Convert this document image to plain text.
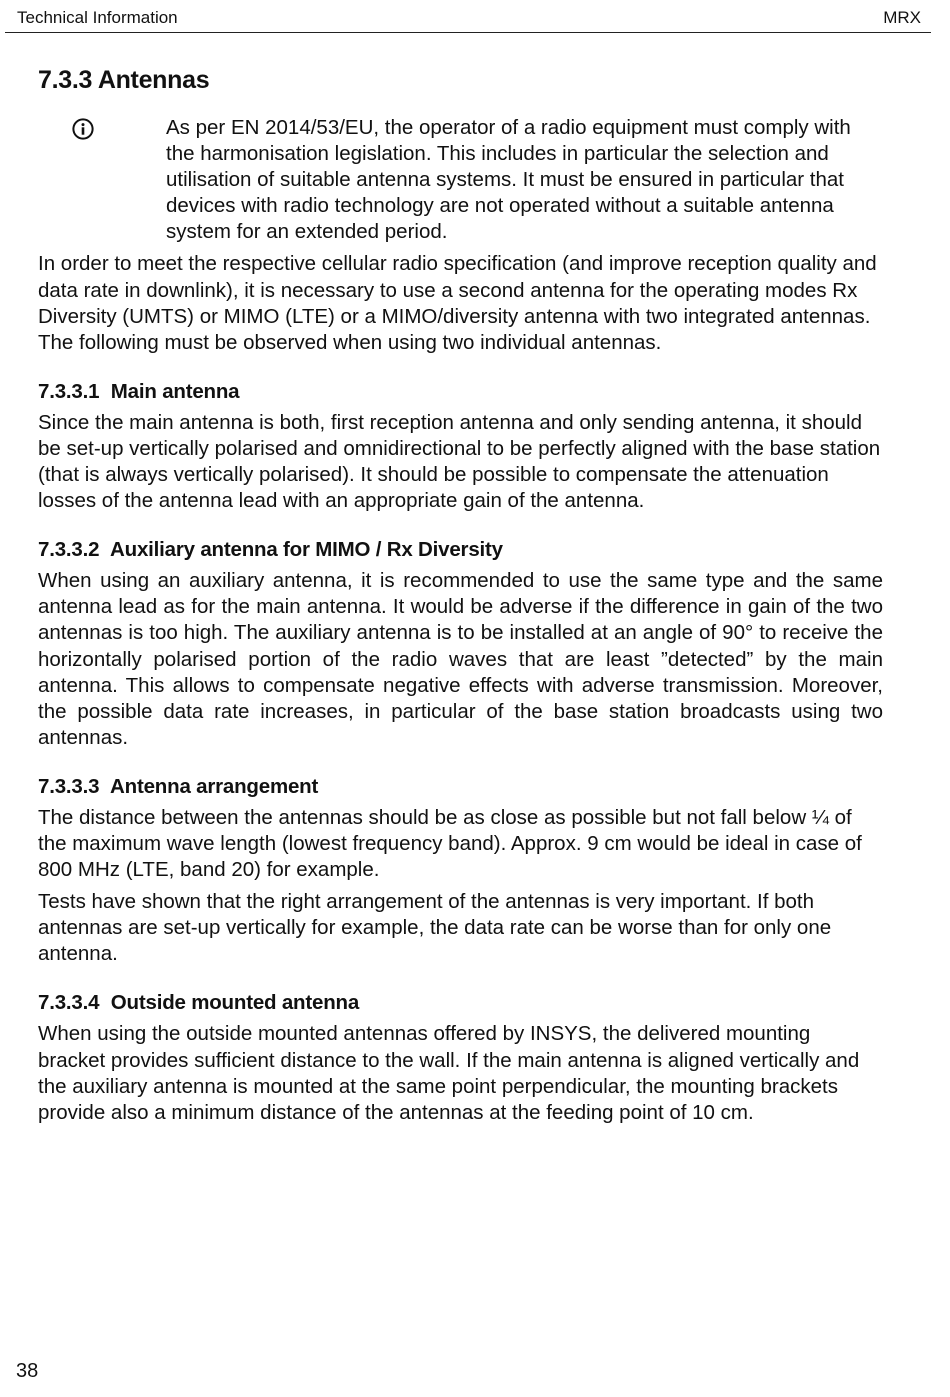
Technical Information	MRX
7.3.3 Antennas

As per EN 2014/53/EU, the operator of a radio equipment must comply with the harmonisation legislation. This includes in particular the selection and utilisation of suitable antenna systems. It must be ensured in particular that devices with radio technology are not operated without a suitable antenna system for an extended period.

In order to meet the respective cellular radio specification (and improve reception quality and data rate in downlink), it is necessary to use a second antenna for the operating modes Rx Diversity (UMTS) or MIMO (LTE) or a MIMO/diversity antenna with two integrated antennas. The following must be observed when using two individual antennas.

7.3.3.1 Main antenna

Since the main antenna is both, first reception antenna and only sending antenna, it should be set-up vertically polarised and omnidirectional to be perfectly aligned with the base station (that is always vertically polarised). It should be possible to compensate the attenuation losses of the antenna lead with an appropriate gain of the antenna.

7.3.3.2 Auxiliary antenna for MIMO / Rx Diversity

When using an auxiliary antenna, it is recommended to use the same type and the same antenna lead as for the main antenna. It would be adverse if the difference in gain of the two antennas is too high. The auxiliary antenna is to be installed at an angle of 90° to receive the horizontally polarised portion of the radio waves that are least ”detected” by the main antenna. This allows to compensate negative effects with adverse transmission. Moreover, the possible data rate increases, in particular of the base station broadcasts using two antennas.

7.3.3.3 Antenna arrangement

The distance between the antennas should be as close as possible but not fall below ¼ of the maximum wave length (lowest frequency band). Approx. 9 cm would be ideal in case of 800 MHz (LTE, band 20) for example.

Tests have shown that the right arrangement of the antennas is very important. If both antennas are set-up vertically for example, the data rate can be worse than for only one antenna.

7.3.3.4 Outside mounted antenna

When using the outside mounted antennas offered by INSYS, the delivered mounting bracket provides sufficient distance to the wall. If the main antenna is aligned vertically and the auxiliary antenna is mounted at the same point perpendicular, the mounting brackets provide also a minimum distance of the antennas at the feeding point of 10 cm.

38
